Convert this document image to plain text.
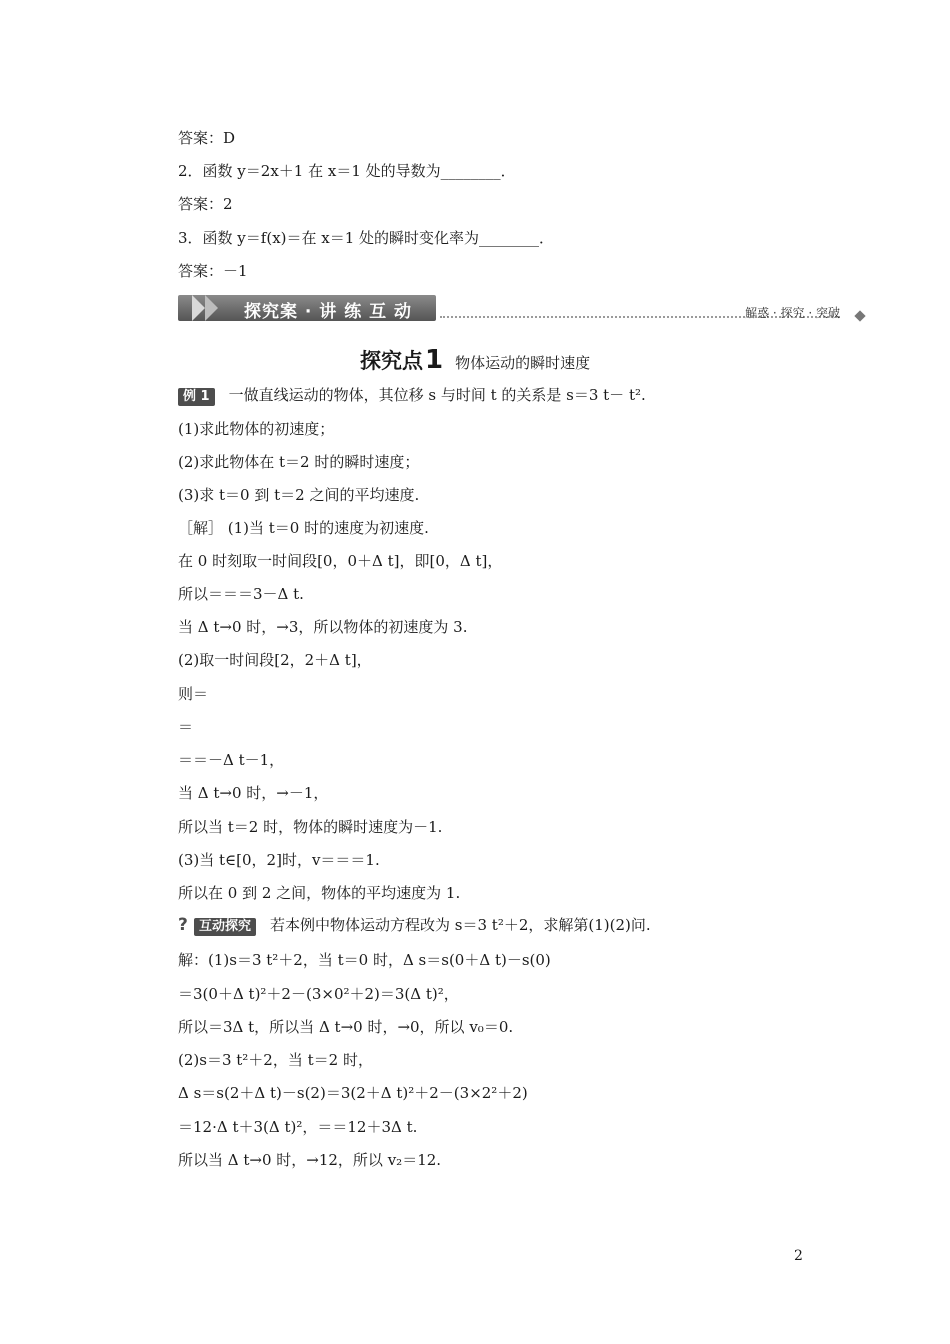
答案：D
2．函数 y＝2x＋1 在 x＝1 处的导数为________．
答案：2
3．函数 y＝f(x)＝在 x＝1 处的瞬时变化率为________．
答案：－1
探究案 · 讲 练 互 动	解惑 · 探究 · 突破
探究点1 物体运动的瞬时速度
例 1 一做直线运动的物体，其位移 s 与时间 t 的关系是 s＝3 t－ t².
(1)求此物体的初速度；
(2)求此物体在 t＝2 时的瞬时速度；
(3)求 t＝0 到 t＝2 之间的平均速度.
［解］ (1)当 t＝0 时的速度为初速度.
在 0 时刻取一时间段[0，0＋Δ t]，即[0，Δ t]，
所以＝＝＝3－Δ t.
当 Δ t→0 时，→3，所以物体的初速度为 3.
(2)取一时间段[2，2＋Δ t]，
则＝
＝
＝＝－Δ t－1，
当 Δ t→0 时，→－1，
所以当 t＝2 时，物体的瞬时速度为－1.
(3)当 t∈[0，2]时，v＝＝＝1.
所以在 0 到 2 之间，物体的平均速度为 1.
? 互动探究 若本例中物体运动方程改为 s＝3 t²＋2，求解第(1)(2)问.
解：(1)s＝3 t²＋2，当 t＝0 时，Δ s＝s(0＋Δ t)－s(0)
＝3(0＋Δ t)²＋2－(3×0²＋2)＝3(Δ t)²，
所以＝3Δ t，所以当 Δ t→0 时，→0，所以 v₀＝0.
(2)s＝3 t²＋2，当 t＝2 时，
Δ s＝s(2＋Δ t)－s(2)＝3(2＋Δ t)²＋2－(3×2²＋2)
＝12·Δ t＋3(Δ t)²，＝＝12＋3Δ t.
所以当 Δ t→0 时，→12，所以 v₂＝12.
2
